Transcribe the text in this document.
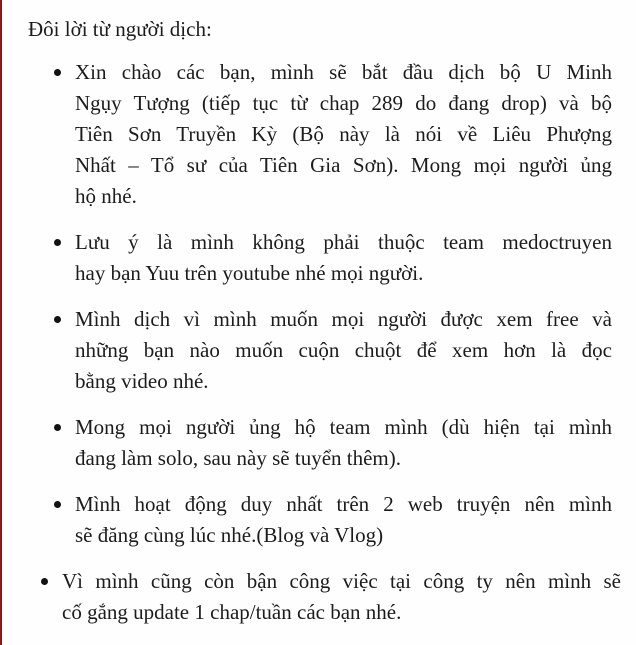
Đôi lời từ người dịch:
Xin chào các bạn, mình sẽ bắt đầu dịch bộ U Minh
Ngụy Tượng (tiếp tục từ chap 289 do đang drop) và bộ
Tiên Sơn Truyền Kỳ (Bộ này là nói về Liêu Phượng
Nhất – Tổ sư của Tiên Gia Sơn). Mong mọi người ủng
hộ nhé.
Lưu ý là mình không phải thuộc team medoctruyen
hay bạn Yuu trên youtube nhé mọi người.
Mình dịch vì mình muốn mọi người được xem free và
những bạn nào muốn cuộn chuột để xem hơn là đọc
bằng video nhé.
Mong mọi người ủng hộ team mình (dù hiện tại mình
đang làm solo, sau này sẽ tuyển thêm).
Mình hoạt động duy nhất trên 2 web truyện nên mình
sẽ đăng cùng lúc nhé.(Blog và Vlog)
Vì mình cũng còn bận công việc tại công ty nên mình sẽ
cố gắng update 1 chap/tuần các bạn nhé.
